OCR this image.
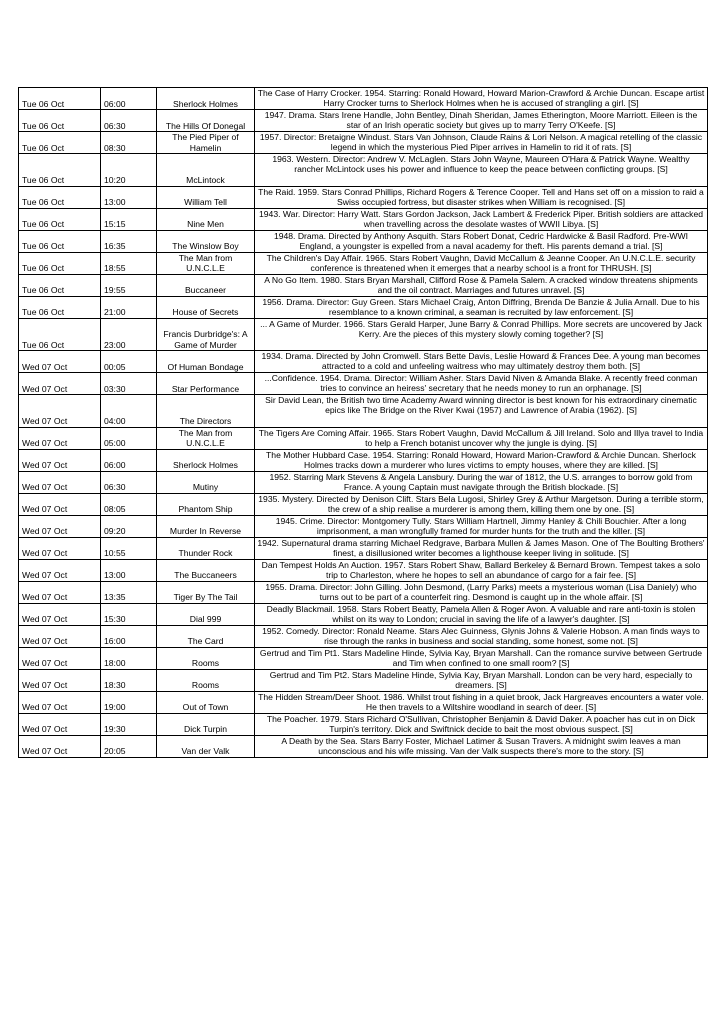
Tue 06 Oct	06:00	Sherlock Holmes	The Case of Harry Crocker. 1954. Starring: Ronald Howard, Howard Marion-Crawford & Archie Duncan. Escape artist Harry Crocker turns to Sherlock Holmes when he is accused of strangling a girl. [S]
Tue 06 Oct	06:30	The Hills Of Donegal	1947. Drama. Stars Irene Handle, John Bentley, Dinah Sheridan, James Etherington, Moore Marriott. Eileen is the star of an Irish operatic society but gives up to marry Terry O'Keefe. [S]
Tue 06 Oct	08:30	The Pied Piper of Hamelin	1957. Director: Bretaigne Windust. Stars Van Johnson, Claude Rains & Lori Nelson. A magical retelling of the classic legend in which the mysterious Pied Piper arrives in Hamelin to rid it of rats. [S]
Tue 06 Oct	10:20	McLintock	1963. Western. Director: Andrew V. McLaglen. Stars John Wayne, Maureen O'Hara & Patrick Wayne. Wealthy rancher McLintock uses his power and influence to keep the peace between conflicting groups. [S]
Tue 06 Oct	13:00	William Tell	The Raid. 1959. Stars Conrad Phillips, Richard Rogers & Terence Cooper. Tell and Hans set off on a mission to raid a Swiss occupied fortress, but disaster strikes when William is recognised. [S]
Tue 06 Oct	15:15	Nine Men	1943. War. Director: Harry Watt. Stars Gordon Jackson, Jack Lambert & Frederick Piper. British soldiers are attacked when travelling across the desolate wastes of WWII Libya. [S]
Tue 06 Oct	16:35	The Winslow Boy	1948. Drama. Directed by Anthony Asquith. Stars Robert Donat, Cedric Hardwicke & Basil Radford. Pre-WWI England, a youngster is expelled from a naval academy for theft. His parents demand a trial. [S]
Tue 06 Oct	18:55	The Man from U.N.C.L.E	The Children's Day Affair. 1965. Stars Robert Vaughn, David McCallum & Jeanne Cooper. An U.N.C.L.E. security conference is threatened when it emerges that a nearby school is a front for THRUSH. [S]
Tue 06 Oct	19:55	Buccaneer	A No Go Item. 1980. Stars Bryan Marshall, Clifford Rose & Pamela Salem. A cracked window threatens shipments and the oil contract. Marriages and futures unravel. [S]
Tue 06 Oct	21:00	House of Secrets	1956. Drama. Director: Guy Green. Stars Michael Craig, Anton Diffring, Brenda De Banzie & Julia Arnall. Due to his resemblance to a known criminal, a seaman is recruited by law enforcement. [S]
Tue 06 Oct	23:00	Francis Durbridge's: A Game of Murder	... A Game of Murder. 1966. Stars Gerald Harper, June Barry & Conrad Phillips. More secrets are uncovered by Jack Kerry. Are the pieces of this mystery slowly coming together? [S]
Wed 07 Oct	00:05	Of Human Bondage	1934. Drama. Directed by John Cromwell. Stars Bette Davis, Leslie Howard & Frances Dee. A young man becomes attracted to a cold and unfeeling waitress who may ultimately destroy them both. [S]
Wed 07 Oct	03:30	Star Performance	...Confidence. 1954. Drama. Director: William Asher. Stars David Niven & Amanda Blake. A recently freed conman tries to convince an heiress' secretary that he needs money to run an orphanage. [S]
Wed 07 Oct	04:00	The Directors	Sir David Lean, the British two time Academy Award winning director is best known for his extraordinary cinematic epics like The Bridge on the River Kwai (1957) and Lawrence of Arabia (1962). [S]
Wed 07 Oct	05:00	The Man from U.N.C.L.E	The Tigers Are Coming Affair. 1965. Stars Robert Vaughn, David McCallum & Jill Ireland. Solo and Illya travel to India to help a French botanist uncover why the jungle is dying. [S]
Wed 07 Oct	06:00	Sherlock Holmes	The Mother Hubbard Case. 1954. Starring: Ronald Howard, Howard Marion-Crawford & Archie Duncan. Sherlock Holmes tracks down a murderer who lures victims to empty houses, where they are killed. [S]
Wed 07 Oct	06:30	Mutiny	1952. Starring Mark Stevens & Angela Lansbury. During the war of 1812, the U.S. arranges to borrow gold from France. A young Captain must navigate through the British blockade. [S]
Wed 07 Oct	08:05	Phantom Ship	1935. Mystery. Directed by Denison Clift. Stars Bela Lugosi, Shirley Grey & Arthur Margetson. During a terrible storm, the crew of a ship realise a murderer is among them, killing them one by one. [S]
Wed 07 Oct	09:20	Murder In Reverse	1945. Crime. Director: Montgomery Tully. Stars William Hartnell, Jimmy Hanley & Chili Bouchier. After a long imprisonment, a man wrongfully framed for murder hunts for the truth and the killer. [S]
Wed 07 Oct	10:55	Thunder Rock	1942. Supernatural drama starring Michael Redgrave, Barbara Mullen & James Mason. One of The Boulting Brothers' finest, a disillusioned writer becomes a lighthouse keeper living in solitude. [S]
Wed 07 Oct	13:00	The Buccaneers	Dan Tempest Holds An Auction. 1957. Stars Robert Shaw, Ballard Berkeley & Bernard Brown. Tempest takes a solo trip to Charleston, where he hopes to sell an abundance of cargo for a fair fee. [S]
Wed 07 Oct	13:35	Tiger By The Tail	1955. Drama. Director: John Gilling. John Desmond, (Larry Parks) meets a mysterious woman (Lisa Daniely) who turns out to be part of a counterfeit ring. Desmond is caught up in the whole affair. [S]
Wed 07 Oct	15:30	Dial 999	Deadly Blackmail. 1958. Stars Robert Beatty, Pamela Allen & Roger Avon. A valuable and rare anti-toxin is stolen whilst on its way to London; crucial in saving the life of a lawyer's daughter. [S]
Wed 07 Oct	16:00	The Card	1952. Comedy. Director: Ronald Neame. Stars Alec Guinness, Glynis Johns & Valerie Hobson. A man finds ways to rise through the ranks in business and social standing, some honest, some not. [S]
Wed 07 Oct	18:00	Rooms	Gertrud and Tim Pt1. Stars Madeline Hinde, Sylvia Kay, Bryan Marshall. Can the romance survive between Gertrude and Tim when confined to one small room? [S]
Wed 07 Oct	18:30	Rooms	Gertrud and Tim Pt2. Stars Madeline Hinde, Sylvia Kay, Bryan Marshall. London can be very hard, especially to dreamers. [S]
Wed 07 Oct	19:00	Out of Town	The Hidden Stream/Deer Shoot. 1986. Whilst trout fishing in a quiet brook, Jack Hargreaves encounters a water vole. He then travels to a Wiltshire woodland in search of deer. [S]
Wed 07 Oct	19:30	Dick Turpin	The Poacher. 1979. Stars Richard O'Sullivan, Christopher Benjamin & David Daker. A poacher has cut in on Dick Turpin's territory. Dick and Swiftnick decide to bait the most obvious suspect. [S]
Wed 07 Oct	20:05	Van der Valk	A Death by the Sea. Stars Barry Foster, Michael Latimer & Susan Travers. A midnight swim leaves a man unconscious and his wife missing. Van der Valk suspects there's more to the story. [S]
